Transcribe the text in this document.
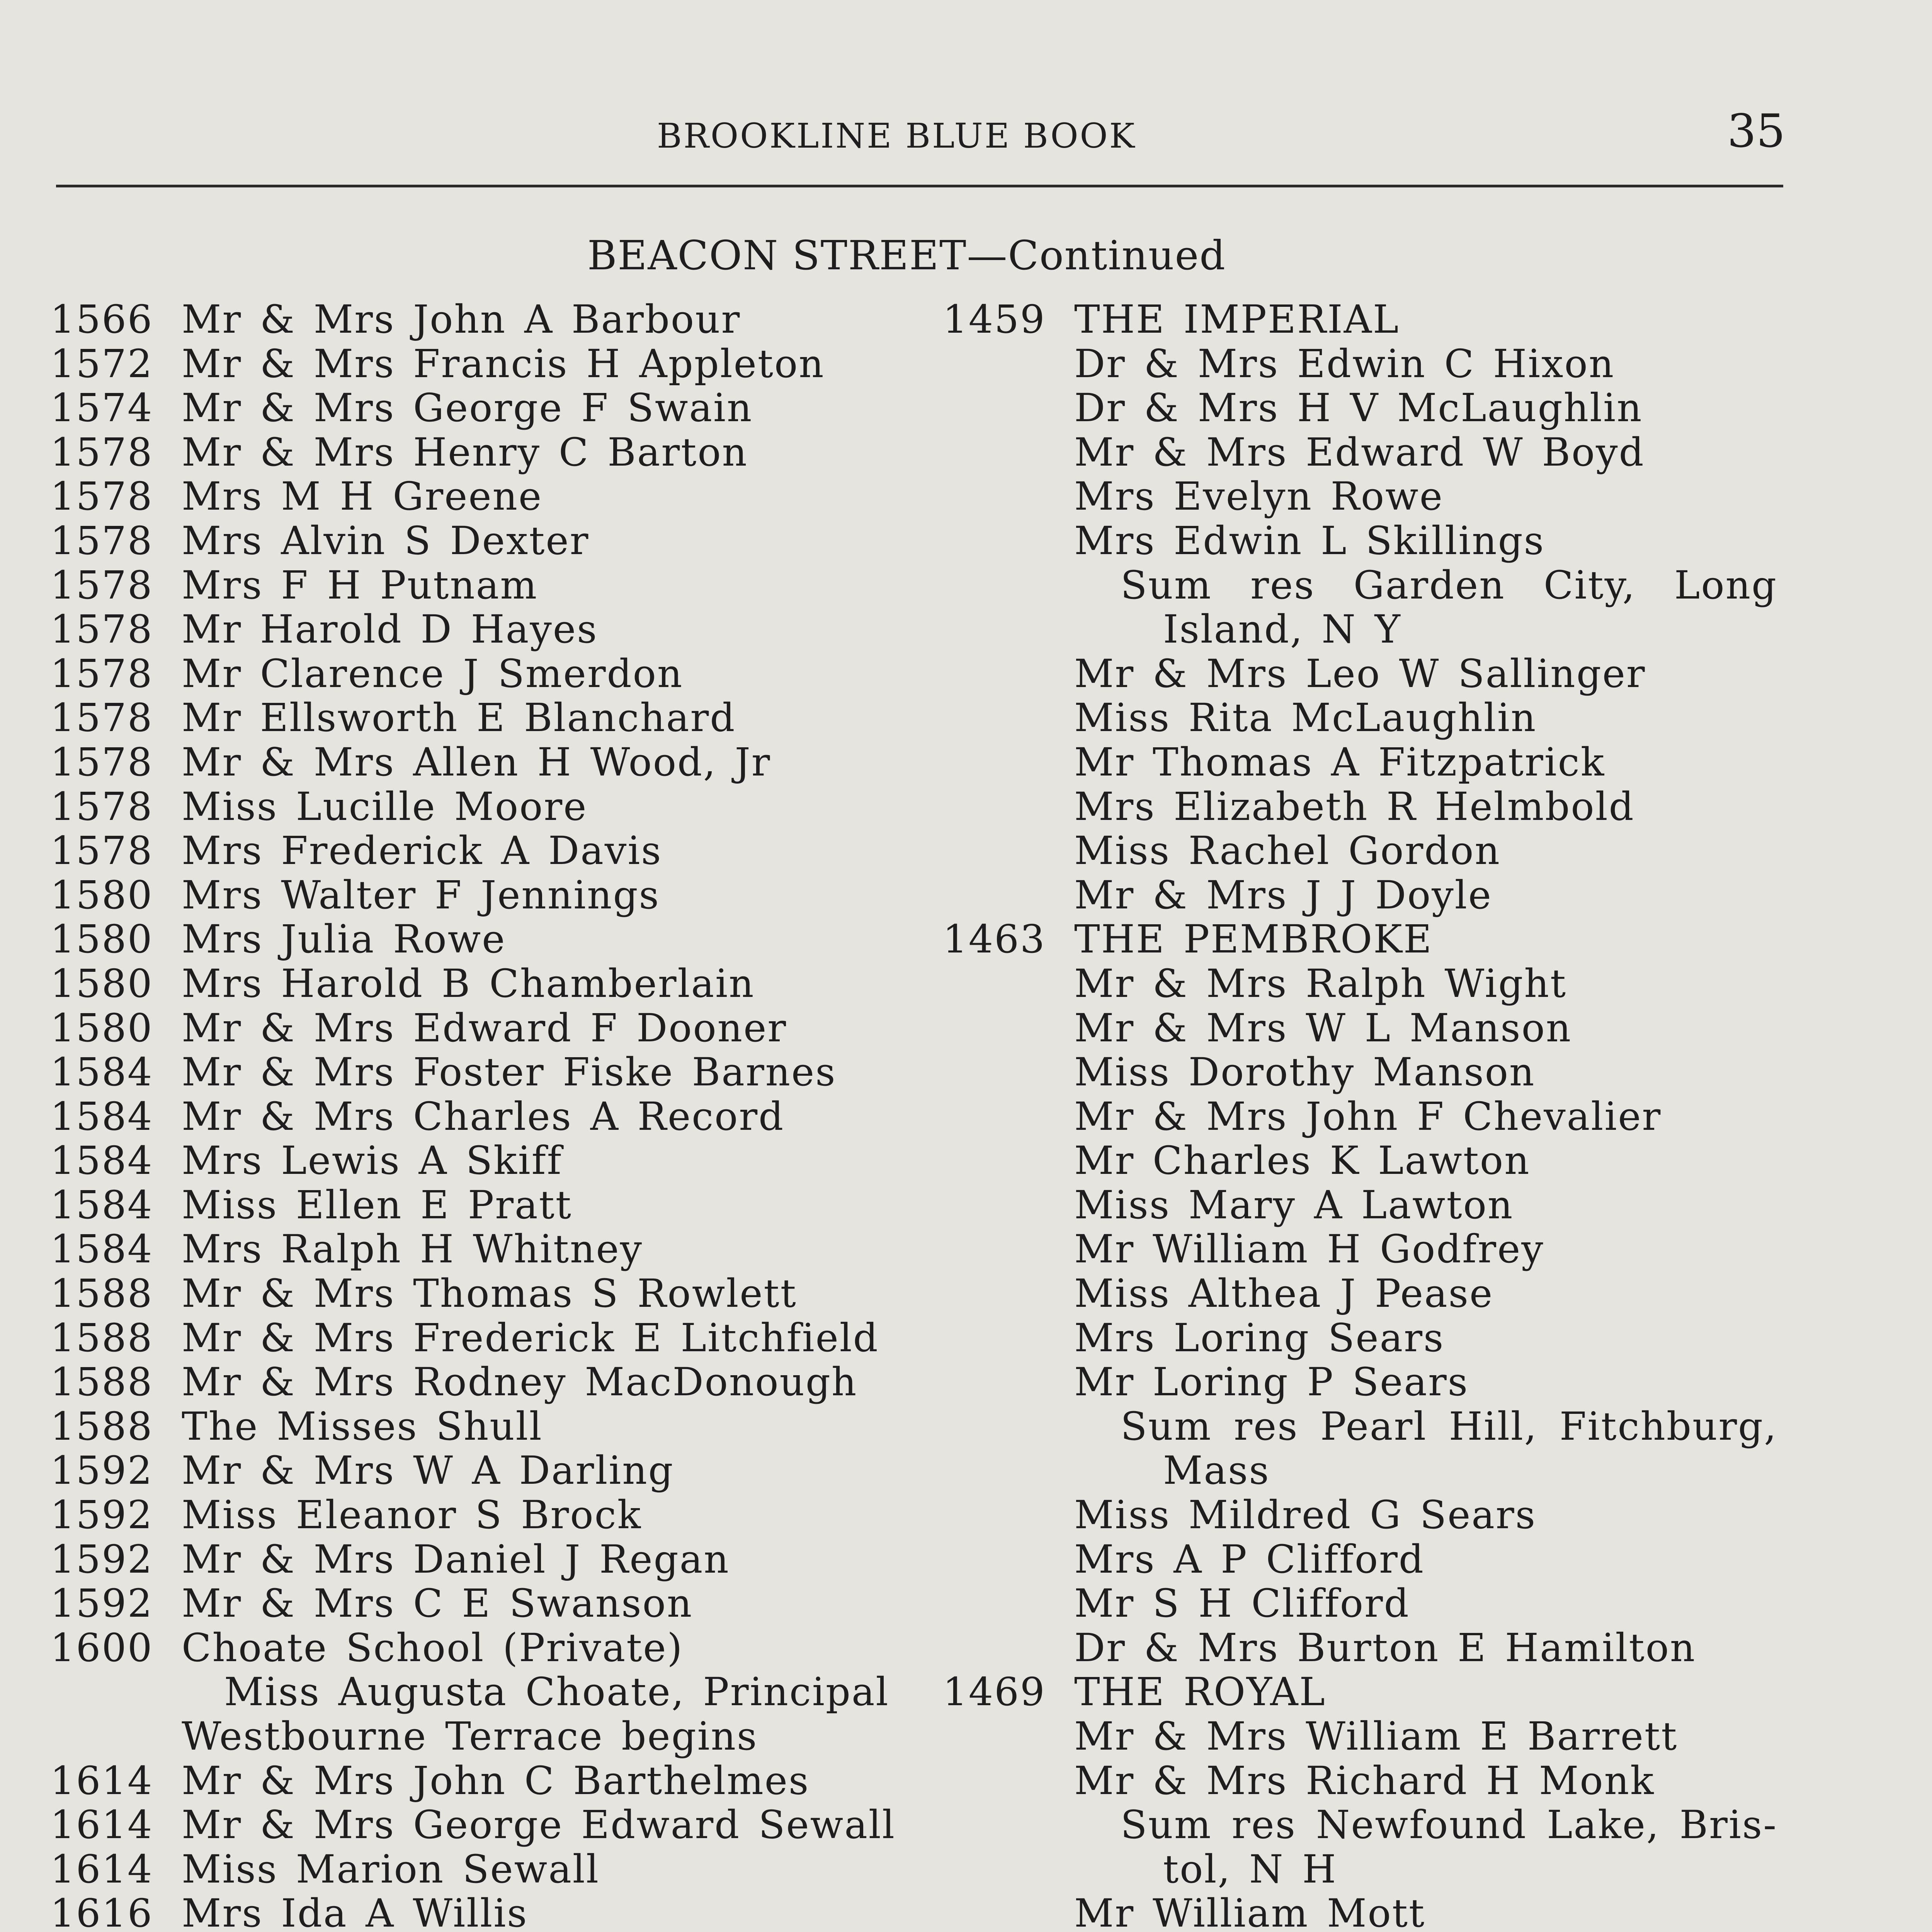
BROOKLINE BLUE BOOK	35
BEACON STREET—Continued
1566 Mr & Mrs John A Barbour
1572 Mr & Mrs Francis H Appleton
1574 Mr & Mrs George F Swain
1578 Mr & Mrs Henry C Barton
1578 Mrs M H Greene
1578 Mrs Alvin S Dexter
1578 Mrs F H Putnam
1578 Mr Harold D Hayes
1578 Mr Clarence J Smerdon
1578 Mr Ellsworth E Blanchard
1578 Mr & Mrs Allen H Wood, Jr
1578 Miss Lucille Moore
1578 Mrs Frederick A Davis
1580 Mrs Walter F Jennings
1580 Mrs Julia Rowe
1580 Mrs Harold B Chamberlain
1580 Mr & Mrs Edward F Dooner
1584 Mr & Mrs Foster Fiske Barnes
1584 Mr & Mrs Charles A Record
1584 Mrs Lewis A Skiff
1584 Miss Ellen E Pratt
1584 Mrs Ralph H Whitney
1588 Mr & Mrs Thomas S Rowlett
1588 Mr & Mrs Frederick E Litchfield
1588 Mr & Mrs Rodney MacDonough
1588 The Misses Shull
1592 Mr & Mrs W A Darling
1592 Miss Eleanor S Brock
1592 Mr & Mrs Daniel J Regan
1592 Mr & Mrs C E Swanson
1600 Choate School (Private)
Miss Augusta Choate, Principal
Westbourne Terrace begins
1614 Mr & Mrs John C Barthelmes
1614 Mr & Mrs George Edward Sewall
1614 Miss Marion Sewall
1616 Mrs Ida A Willis
1459 THE IMPERIAL
Dr & Mrs Edwin C Hixon
Dr & Mrs H V McLaughlin
Mr & Mrs Edward W Boyd
Mrs Evelyn Rowe
Mrs Edwin L Skillings
Sum res Garden City, Long
Island, N Y
Mr & Mrs Leo W Sallinger
Miss Rita McLaughlin
Mr Thomas A Fitzpatrick
Mrs Elizabeth R Helmbold
Miss Rachel Gordon
Mr & Mrs J J Doyle
1463 THE PEMBROKE
Mr & Mrs Ralph Wight
Mr & Mrs W L Manson
Miss Dorothy Manson
Mr & Mrs John F Chevalier
Mr Charles K Lawton
Miss Mary A Lawton
Mr William H Godfrey
Miss Althea J Pease
Mrs Loring Sears
Mr Loring P Sears
Sum res Pearl Hill, Fitchburg,
Mass
Miss Mildred G Sears
Mrs A P Clifford
Mr S H Clifford
Dr & Mrs Burton E Hamilton
1469 THE ROYAL
Mr & Mrs William E Barrett
Mr & Mrs Richard H Monk
Sum res Newfound Lake, Bris-
tol, N H
Mr William Mott
